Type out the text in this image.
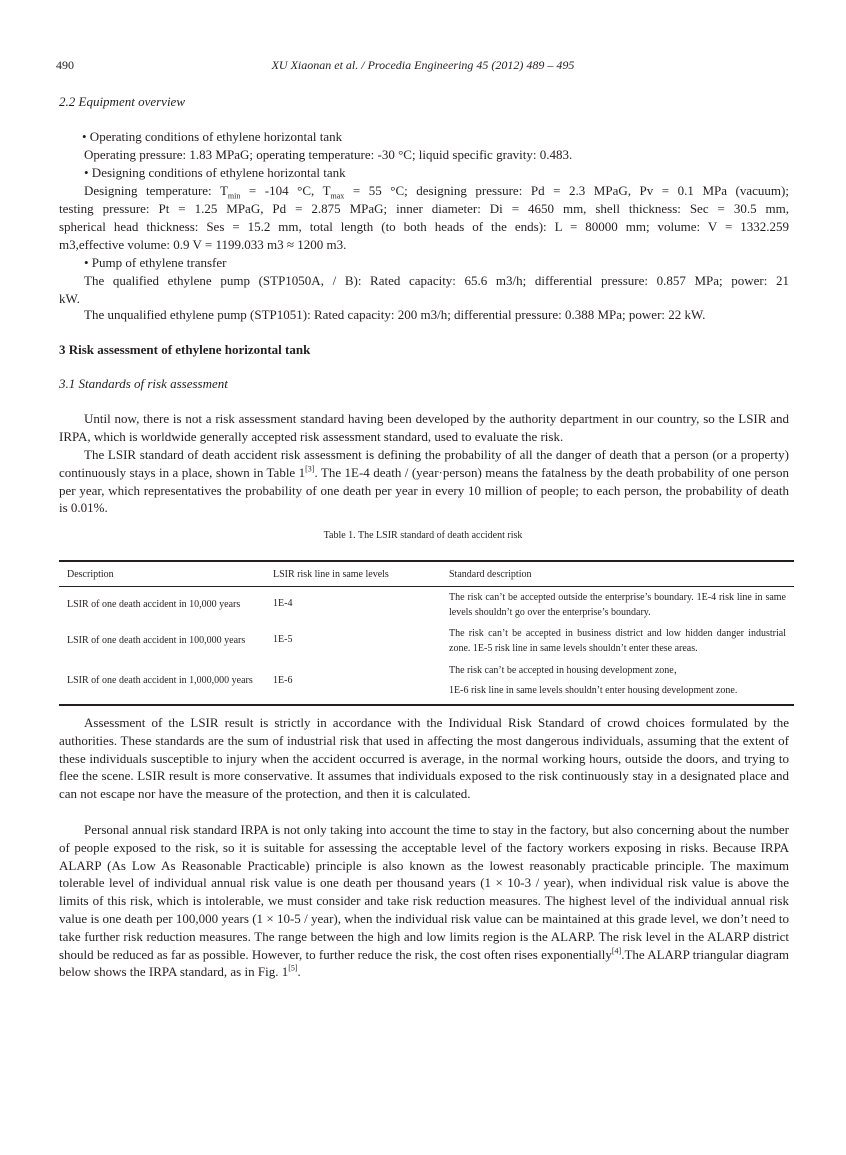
490	XU Xiaonan et al. / Procedia Engineering 45 (2012) 489 – 495
2.2 Equipment overview
• Operating conditions of ethylene horizontal tank
Operating pressure: 1.83 MPaG; operating temperature: -30 °C; liquid specific gravity: 0.483.
• Designing conditions of ethylene horizontal tank
Designing temperature: $T_{min} = -104$ °C, $T_{max} = 55$ °C; designing pressure: Pd = 2.3 MPaG, Pv = 0.1 MPa (vacuum);
testing pressure: Pt = 1.25 MPaG, Pd = 2.875 MPaG; inner diameter: Di = 4650 mm, shell thickness: Sec = 30.5 mm,
spherical head thickness: Ses = 15.2 mm, total length (to both heads of the ends): L = 80000 mm; volume: V = 1332.259
m3,effective volume: 0.9 V = 1199.033 m3 ≈ 1200 m3.
• Pump of ethylene transfer
The qualified ethylene pump (STP1050A, / B): Rated capacity: 65.6 m3/h; differential pressure: 0.857 MPa; power: 21
kW.
The unqualified ethylene pump (STP1051): Rated capacity: 200 m3/h; differential pressure: 0.388 MPa; power: 22 kW.
3 Risk assessment of ethylene horizontal tank
3.1 Standards of risk assessment

Until now, there is not a risk assessment standard having been developed by the authority department in our country, so the LSIR and IRPA, which is worldwide generally accepted risk assessment standard, used to evaluate the risk.

The LSIR standard of death accident risk assessment is defining the probability of all the danger of death that a person (or a property) continuously stays in a place, shown in Table 1[3]. The 1E-4 death / (year·person) means the fatalness by the death probability of one person per year, which representatives the probability of one death per year in every 10 million of people; to each person, the probability of death is 0.01%.

Table 1. The LSIR standard of death accident risk
Description	LSIR risk line in same levels	Standard description
LSIR of one death accident in 10,000 years	1E-4	The risk can’t be accepted outside the enterprise’s boundary. 1E-4 risk line in same levels shouldn’t go over the enterprise’s boundary.
LSIR of one death accident in 100,000 years	1E-5	The risk can’t be accepted in business district and low hidden danger industrial zone. 1E-5 risk line in same levels shouldn’t enter these areas.
LSIR of one death accident in 1,000,000 years	1E-6	The risk can’t be accepted in housing development zone，
1E-6 risk line in same levels shouldn’t enter housing development zone.

Assessment of the LSIR result is strictly in accordance with the Individual Risk Standard of crowd choices formulated by the authorities. These standards are the sum of industrial risk that used in affecting the most dangerous individuals, assuming that the extent of these individuals susceptible to injury when the accident occurred is average, in the normal working hours, outside the doors, and trying to flee the scene. LSIR result is more conservative. It assumes that individuals exposed to the risk continuously stay in a designated place and can not escape nor have the measure of the protection, and then it is calculated.

Personal annual risk standard IRPA is not only taking into account the time to stay in the factory, but also concerning about the number of people exposed to the risk, so it is suitable for assessing the acceptable level of the factory workers exposing in risks. Because IRPA ALARP (As Low As Reasonable Practicable) principle is also known as the lowest reasonably practicable principle. The maximum tolerable level of individual annual risk value is one death per thousand years (1 × 10-3 / year), when individual risk value is above the limits of this risk, which is intolerable, we must consider and take risk reduction measures. The highest level of the individual annual risk value is one death per 100,000 years (1 × 10-5 / year), when the individual risk value can be maintained at this grade level, we don’t need to take further risk reduction measures. The range between the high and low limits region is the ALARP. The risk level in the ALARP district should be reduced as far as possible. However, to further reduce the risk, the cost often rises exponentially[4].The ALARP triangular diagram below shows the IRPA standard, as in Fig. 1[5].
